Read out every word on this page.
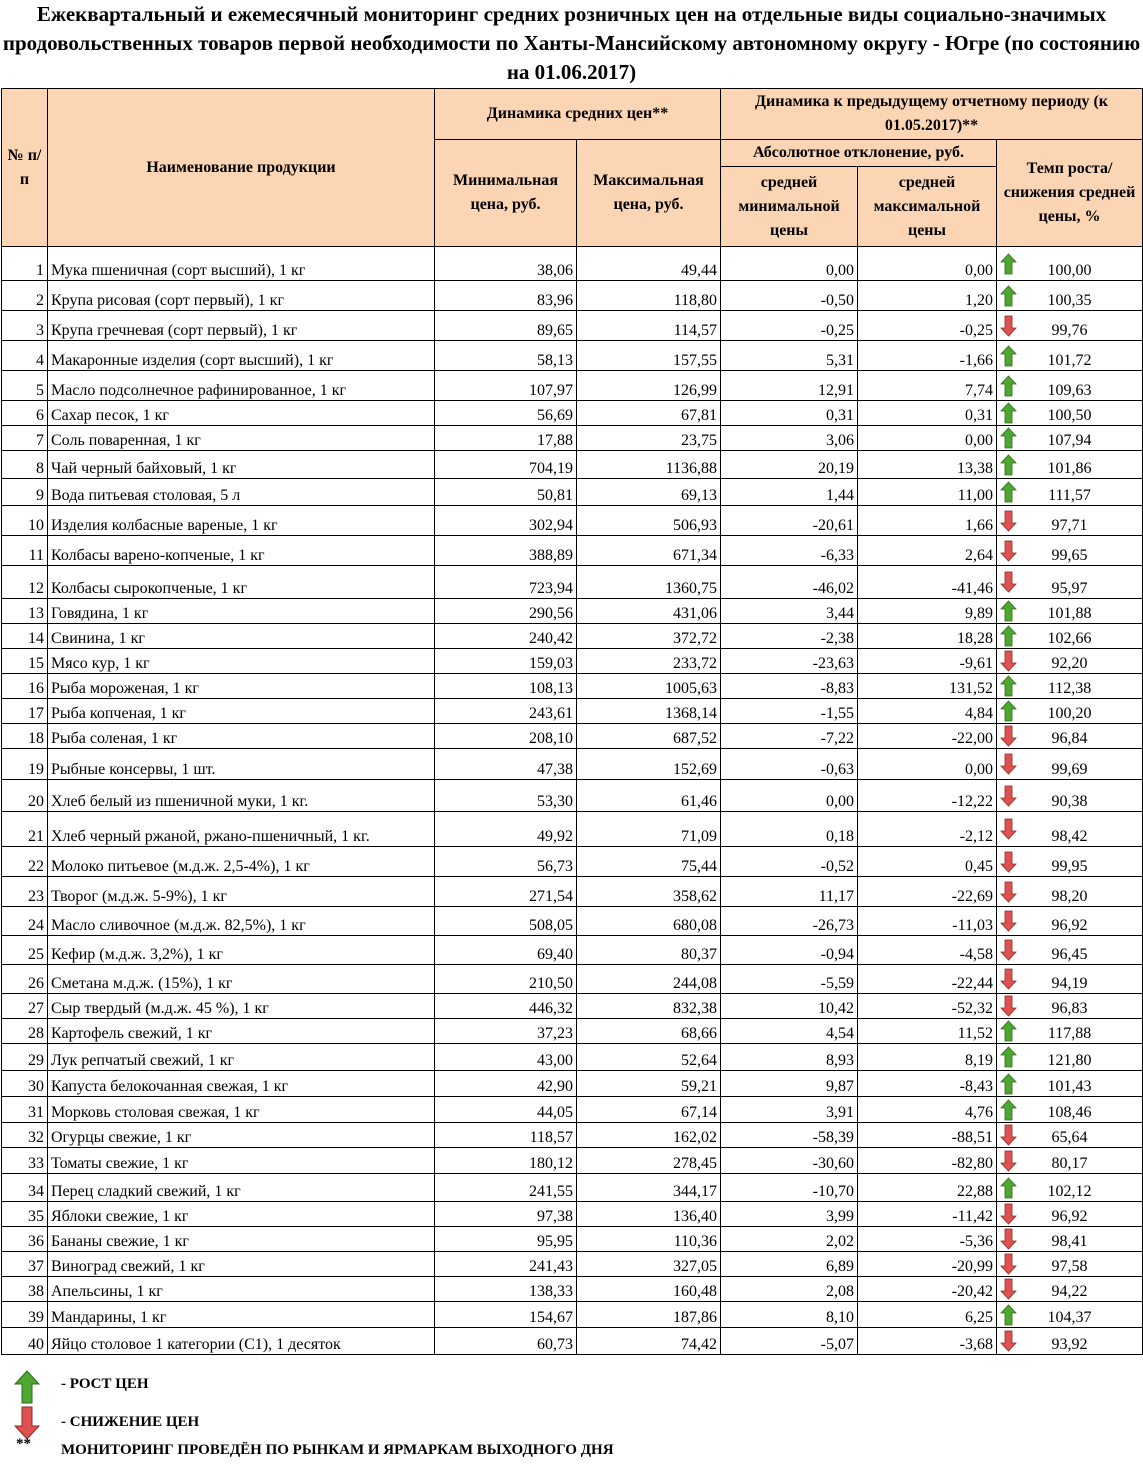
Ежеквартальный и ежемесячный мониторинг средних розничных цен на отдельные виды социально-значимых продовольственных товаров первой необходимости по Ханты-Мансийскому автономному округу - Югре (по состоянию на 01.06.2017)
№ п/п	Наименование продукции	Динамика средних цен**		Динамика к предыдущему отчетному периоду (к 01.05.2017)**		
		Минимальная цена, руб.	Максимальная цена, руб.	Абсолютное отклонение, руб.		Темп роста/снижения средней цены, %
				средней минимальной цены	средней максимальной цены	
1	Мука пшеничная (сорт высший), 1 кг	38,06	49,44	0,00	0,00	100,00
2	Крупа рисовая (сорт первый), 1 кг	83,96	118,80	-0,50	1,20	100,35
3	Крупа гречневая (сорт первый), 1 кг	89,65	114,57	-0,25	-0,25	99,76
4	Макаронные изделия (сорт высший), 1 кг	58,13	157,55	5,31	-1,66	101,72
5	Масло подсолнечное рафинированное, 1 кг	107,97	126,99	12,91	7,74	109,63
6	Сахар песок, 1 кг	56,69	67,81	0,31	0,31	100,50
7	Соль поваренная, 1 кг	17,88	23,75	3,06	0,00	107,94
8	Чай черный байховый, 1 кг	704,19	1136,88	20,19	13,38	101,86
9	Вода питьевая столовая, 5 л	50,81	69,13	1,44	11,00	111,57
10	Изделия колбасные вареные, 1 кг	302,94	506,93	-20,61	1,66	97,71
11	Колбасы варено-копченые, 1 кг	388,89	671,34	-6,33	2,64	99,65
12	Колбасы сырокопченые, 1 кг	723,94	1360,75	-46,02	-41,46	95,97
13	Говядина, 1 кг	290,56	431,06	3,44	9,89	101,88
14	Свинина, 1 кг	240,42	372,72	-2,38	18,28	102,66
15	Мясо кур, 1 кг	159,03	233,72	-23,63	-9,61	92,20
16	Рыба мороженая, 1 кг	108,13	1005,63	-8,83	131,52	112,38
17	Рыба копченая, 1 кг	243,61	1368,14	-1,55	4,84	100,20
18	Рыба соленая, 1 кг	208,10	687,52	-7,22	-22,00	96,84
19	Рыбные консервы, 1 шт.	47,38	152,69	-0,63	0,00	99,69
20	Хлеб белый из пшеничной муки, 1 кг.	53,30	61,46	0,00	-12,22	90,38
21	Хлеб черный ржаной, ржано-пшеничный, 1 кг.	49,92	71,09	0,18	-2,12	98,42
22	Молоко питьевое (м.д.ж. 2,5-4%), 1 кг	56,73	75,44	-0,52	0,45	99,95
23	Творог (м.д.ж. 5-9%), 1 кг	271,54	358,62	11,17	-22,69	98,20
24	Масло сливочное (м.д.ж. 82,5%), 1 кг	508,05	680,08	-26,73	-11,03	96,92
25	Кефир (м.д.ж. 3,2%), 1 кг	69,40	80,37	-0,94	-4,58	96,45
26	Сметана м.д.ж. (15%), 1 кг	210,50	244,08	-5,59	-22,44	94,19
27	Сыр твердый (м.д.ж. 45 %), 1 кг	446,32	832,38	10,42	-52,32	96,83
28	Картофель свежий, 1 кг	37,23	68,66	4,54	11,52	117,88
29	Лук репчатый свежий, 1 кг	43,00	52,64	8,93	8,19	121,80
30	Капуста белокочанная свежая, 1 кг	42,90	59,21	9,87	-8,43	101,43
31	Морковь столовая свежая, 1 кг	44,05	67,14	3,91	4,76	108,46
32	Огурцы свежие, 1 кг	118,57	162,02	-58,39	-88,51	65,64
33	Томаты свежие, 1 кг	180,12	278,45	-30,60	-82,80	80,17
34	Перец сладкий свежий, 1 кг	241,55	344,17	-10,70	22,88	102,12
35	Яблоки свежие, 1 кг	97,38	136,40	3,99	-11,42	96,92
36	Бананы свежие, 1 кг	95,95	110,36	2,02	-5,36	98,41
37	Виноград свежий, 1 кг	241,43	327,05	6,89	-20,99	97,58
38	Апельсины, 1 кг	138,33	160,48	2,08	-20,42	94,22
39	Мандарины, 1 кг	154,67	187,86	8,10	6,25	104,37
40	Яйцо столовое 1 категории (С1), 1 десяток	60,73	74,42	-5,07	-3,68	93,92
- РОСТ ЦЕН
- СНИЖЕНИЕ ЦЕН
** МОНИТОРИНГ ПРОВЕДЁН ПО РЫНКАМ И ЯРМАРКАМ ВЫХОДНОГО ДНЯ
